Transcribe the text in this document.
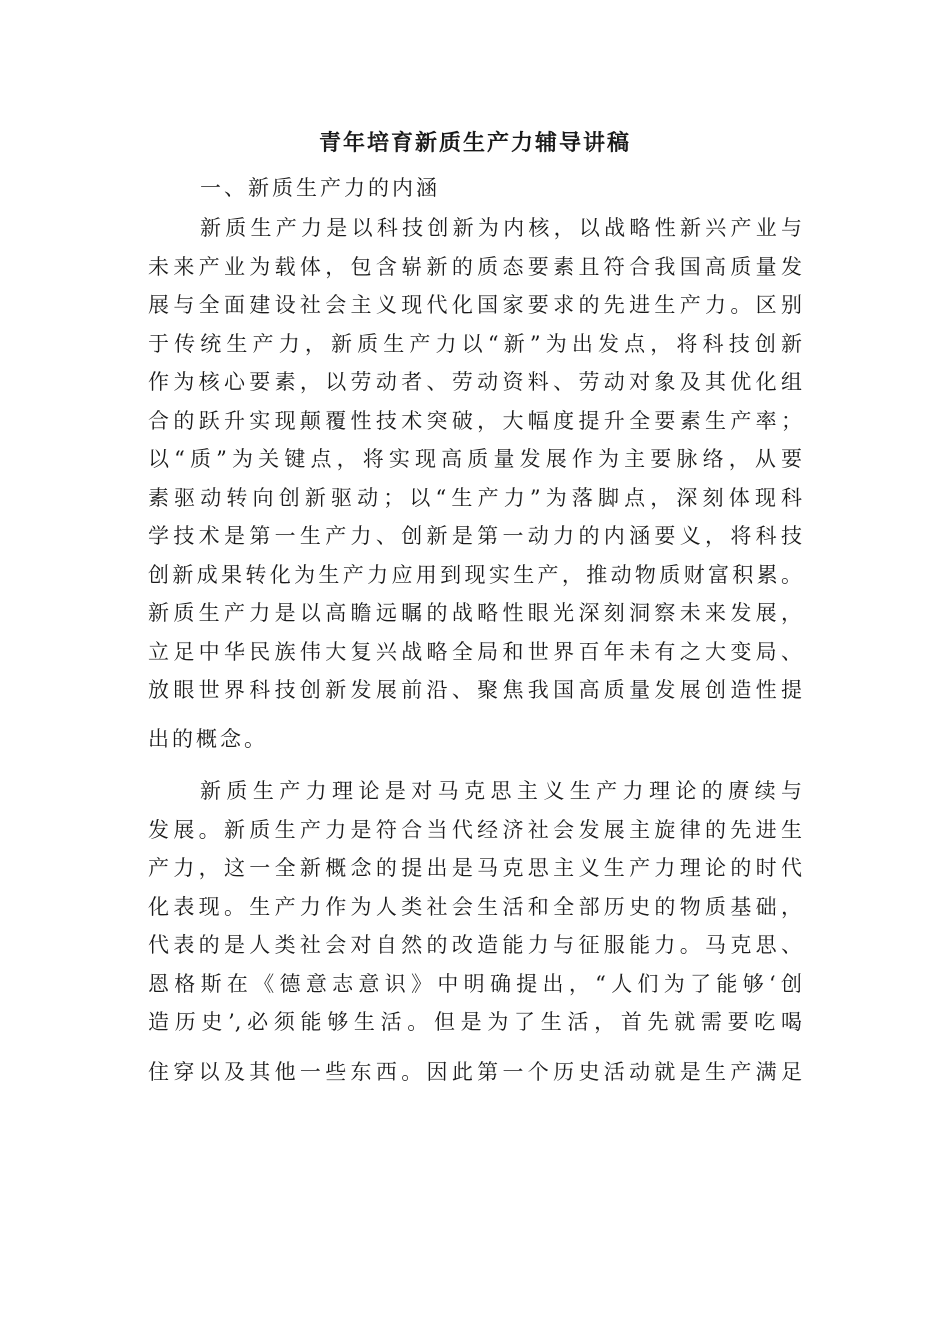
青年培育新质生产力辅导讲稿
一、新质生产力的内涵
新质生产力是以科技创新为内核，以战略性新兴产业与
未来产业为载体，包含崭新的质态要素且符合我国高质量发
展与全面建设社会主义现代化国家要求的先进生产力。区别
于传统生产力，新质生产力以“新”为出发点，将科技创新
作为核心要素，以劳动者、劳动资料、劳动对象及其优化组
合的跃升实现颠覆性技术突破，大幅度提升全要素生产率；
以“质”为关键点，将实现高质量发展作为主要脉络，从要
素驱动转向创新驱动；以“生产力”为落脚点，深刻体现科
学技术是第一生产力、创新是第一动力的内涵要义，将科技
创新成果转化为生产力应用到现实生产，推动物质财富积累。
新质生产力是以高瞻远瞩的战略性眼光深刻洞察未来发展，
立足中华民族伟大复兴战略全局和世界百年未有之大变局、
放眼世界科技创新发展前沿、聚焦我国高质量发展创造性提
出的概念。
新质生产力理论是对马克思主义生产力理论的赓续与
发展。新质生产力是符合当代经济社会发展主旋律的先进生
产力，这一全新概念的提出是马克思主义生产力理论的时代
化表现。生产力作为人类社会生活和全部历史的物质基础，
代表的是人类社会对自然的改造能力与征服能力。马克思、
恩格斯在《德意志意识》中明确提出，“人们为了能够‘创
造历史’,必须能够生活。但是为了生活，首先就需要吃喝
住穿以及其他一些东西。因此第一个历史活动就是生产满足
